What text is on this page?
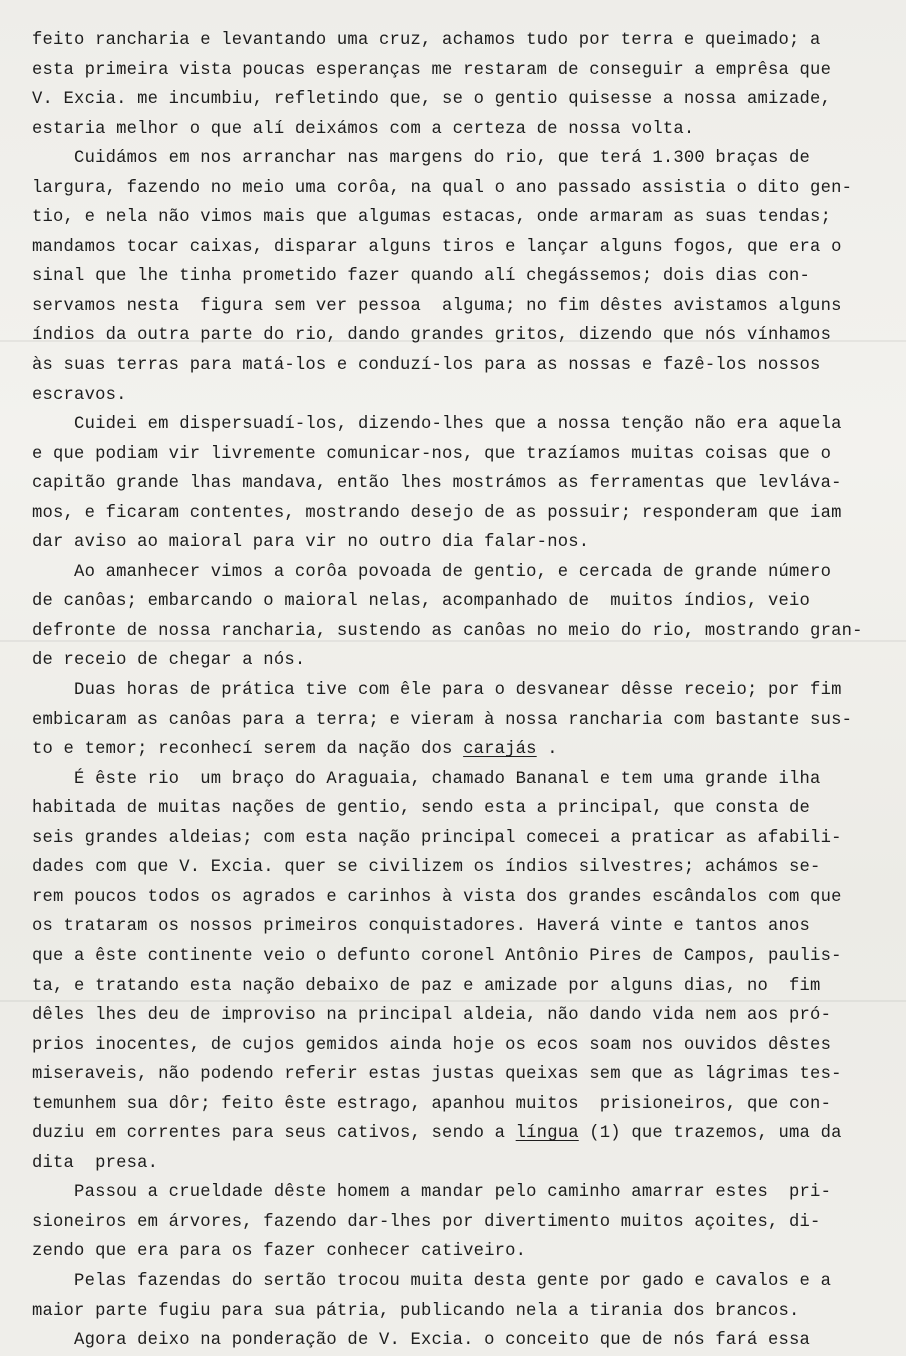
feito rancharia e levantando uma cruz, achamos tudo por terra e queimado; a
esta primeira vista poucas esperanças me restaram de conseguir a emprêsa que
V. Excia. me incumbiu, refletindo que, se o gentio quisesse a nossa amizade,
estaria melhor o que alí deixámos com a certeza de nossa volta.
Cuidámos em nos arranchar nas margens do rio, que terá 1.300 braças de
largura, fazendo no meio uma corôa, na qual o ano passado assistia o dito gen-
tio, e nela não vimos mais que algumas estacas, onde armaram as suas tendas;
mandamos tocar caixas, disparar alguns tiros e lançar alguns fogos, que era o
sinal que lhe tinha prometido fazer quando alí chegássemos; dois dias con-
servamos nesta  figura sem ver pessoa  alguma; no fim dêstes avistamos alguns
índios da outra parte do rio, dando grandes gritos, dizendo que nós vínhamos
às suas terras para matá-los e conduzí-los para as nossas e fazê-los nossos
escravos.
Cuidei em dispersuadí-los, dizendo-lhes que a nossa tenção não era aquela
e que podiam vir livremente comunicar-nos, que trazíamos muitas coisas que o
capitão grande lhas mandava, então lhes mostrámos as ferramentas que levláva-
mos, e ficaram contentes, mostrando desejo de as possuir; responderam que iam
dar aviso ao maioral para vir no outro dia falar-nos.
Ao amanhecer vimos a corôa povoada de gentio, e cercada de grande número
de canôas; embarcando o maioral nelas, acompanhado de  muitos índios, veio
defronte de nossa rancharia, sustendo as canôas no meio do rio, mostrando gran-
de receio de chegar a nós.
Duas horas de prática tive com êle para o desvanear dêsse receio; por fim
embicaram as canôas para a terra; e vieram à nossa rancharia com bastante sus-
to e temor; reconhecí serem da nação dos carajás .
É êste rio  um braço do Araguaia, chamado Bananal e tem uma grande ilha
habitada de muitas nações de gentio, sendo esta a principal, que consta de
seis grandes aldeias; com esta nação principal comecei a praticar as afabili-
dades com que V. Excia. quer se civilizem os índios silvestres; achámos se-
rem poucos todos os agrados e carinhos à vista dos grandes escândalos com que
os trataram os nossos primeiros conquistadores. Haverá vinte e tantos anos
que a êste continente veio o defunto coronel Antônio Pires de Campos, paulis-
ta, e tratando esta nação debaixo de paz e amizade por alguns dias, no  fim
dêles lhes deu de improviso na principal aldeia, não dando vida nem aos pró-
prios inocentes, de cujos gemidos ainda hoje os ecos soam nos ouvidos dêstes
miseraveis, não podendo referir estas justas queixas sem que as lágrimas tes-
temunhem sua dôr; feito êste estrago, apanhou muitos  prisioneiros, que con-
duziu em correntes para seus cativos, sendo a língua (1) que trazemos, uma da
dita  presa.
Passou a crueldade dêste homem a mandar pelo caminho amarrar estes  pri-
sioneiros em árvores, fazendo dar-lhes por divertimento muitos açoites, di-
zendo que era para os fazer conhecer cativeiro.
Pelas fazendas do sertão trocou muita desta gente por gado e cavalos e a
maior parte fugiu para sua pátria, publicando nela a tirania dos brancos.
Agora deixo na ponderação de V. Excia. o conceito que de nós fará essa
